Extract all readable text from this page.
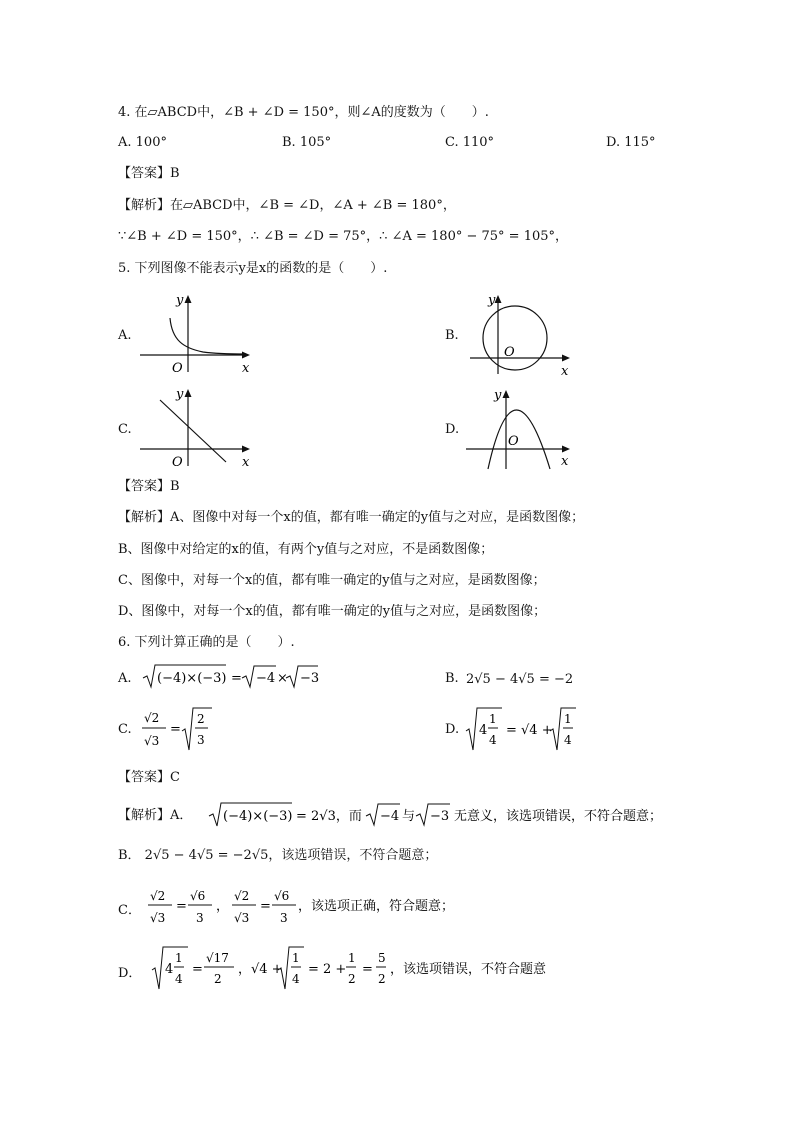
4. 在▱ABCD中，∠B + ∠D = 150°，则∠A的度数为（　　）.
A. 100°	B. 105°	C. 110°	D. 115°
【答案】B
【解析】在▱ABCD中，∠B = ∠D，∠A + ∠B = 180°，
∵∠B + ∠D = 150°，∴ ∠B = ∠D = 75°，∴ ∠A = 180° − 75° = 105°，
5. 下列图像不能表示y是x的函数的是（　　）.
A.
y
x
O
B.
y
x
O
C.
y
x
O
D.
y
x
O
【答案】B
【解析】A、图像中对每一个x的值，都有唯一确定的y值与之对应，是函数图像；
B、图像中对给定的x的值，有两个y值与之对应，不是函数图像；
C、图像中，对每一个x的值，都有唯一确定的y值与之对应，是函数图像；
D、图像中，对每一个x的值，都有唯一确定的y值与之对应，是函数图像；
6. 下列计算正确的是（　　）.
A. (−4)×(−3) = −4 × −3	B. 2√5 − 4√5 = −2
C.
√2
√3
=
2
3
D. 4
1
4
= √4 +
1
4
【答案】C
【解析】A． (−4)×(−3) = 2√3，而 −4 与 −3 无意义，该选项错误，不符合题意；
B． 2√5 − 4√5 = −2√5，该选项错误，不符合题意；
C．
√2
√3
=
√6
3
，
√2
√3
=
√6
3
，该选项正确，符合题意；
D． 4
1
4
=
√17
2
，√4 +
1
4
= 2 +
1
2
=
5
2
，该选项错误，不符合题意
